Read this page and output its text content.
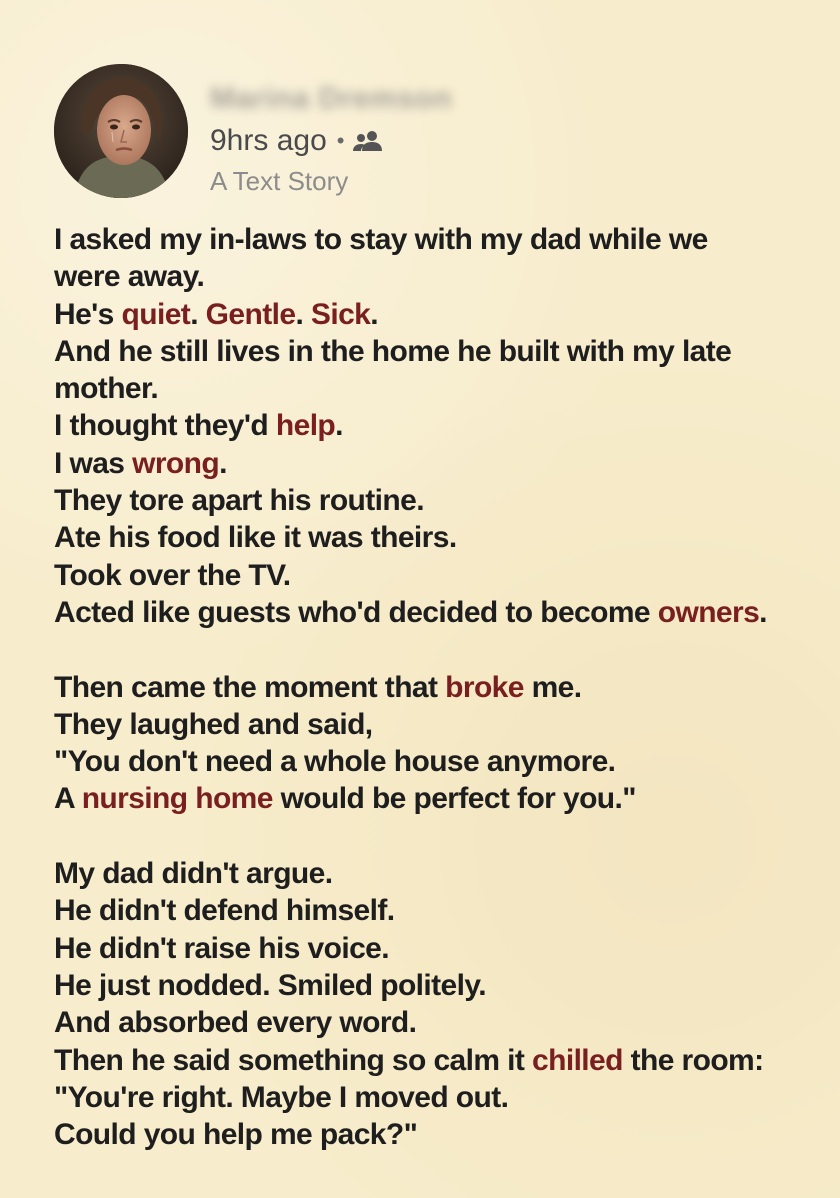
Marina Dremson
9hrs ago •
A Text Story
I asked my in-laws to stay with my dad while we
were away.
He's quiet. Gentle. Sick.
And he still lives in the home he built with my late
mother.
I thought they'd help.
I was wrong.
They tore apart his routine.
Ate his food like it was theirs.
Took over the TV.
Acted like guests who'd decided to become owners.
Then came the moment that broke me.
They laughed and said,
"You don't need a whole house anymore.
A nursing home would be perfect for you."
My dad didn't argue.
He didn't defend himself.
He didn't raise his voice.
He just nodded. Smiled politely.
And absorbed every word.
Then he said something so calm it chilled the room:
"You're right. Maybe I moved out.
Could you help me pack?"
